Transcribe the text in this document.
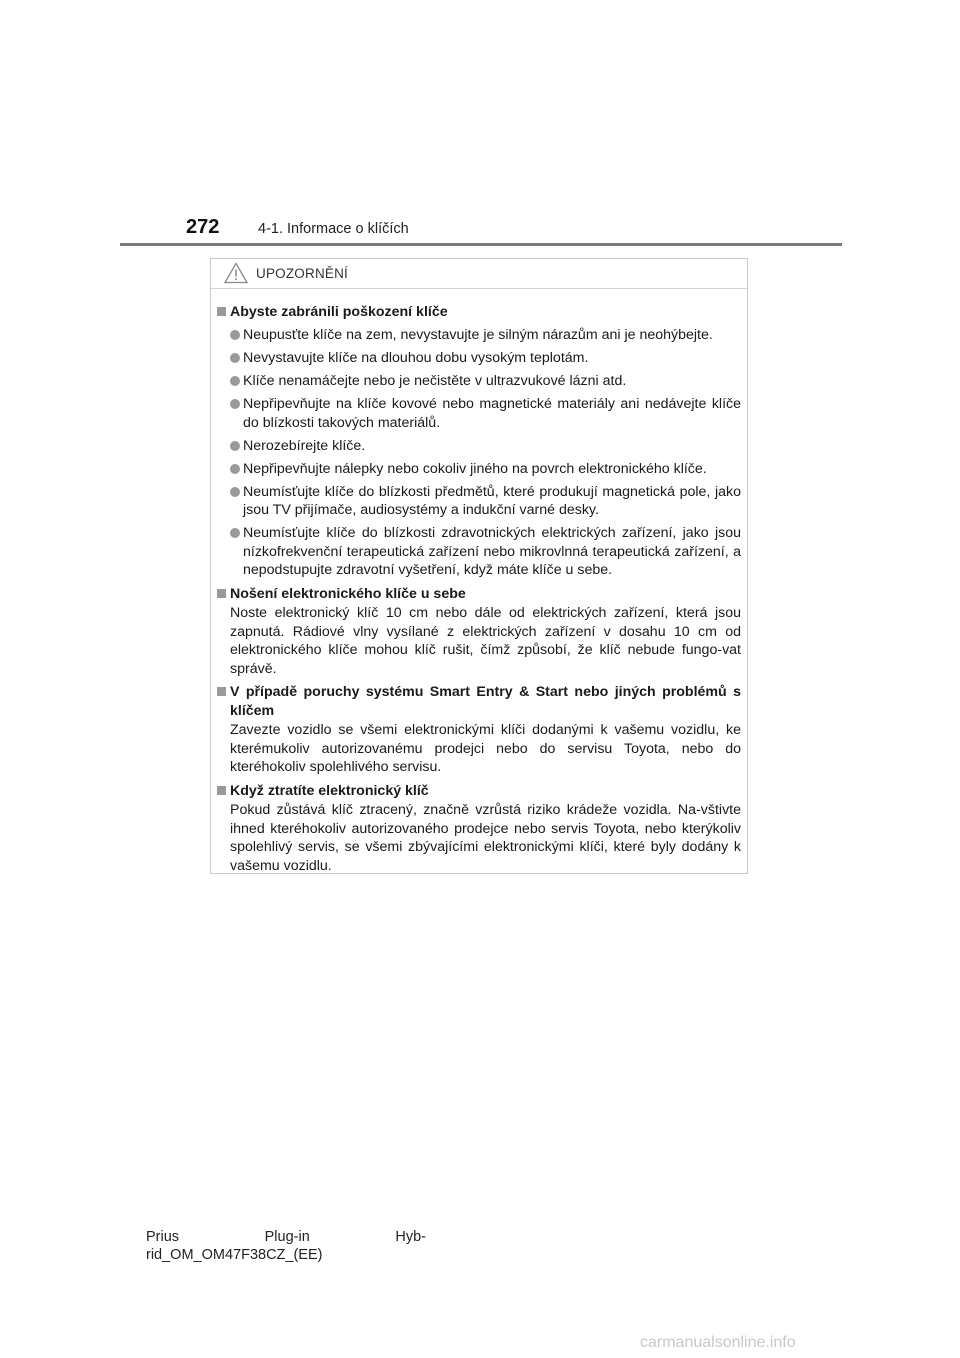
272	4-1. Informace o klíčích
UPOZORNĚNÍ
Abyste zabránili poškození klíče
Neupusťte klíče na zem, nevystavujte je silným nárazům ani je neohýbejte.
Nevystavujte klíče na dlouhou dobu vysokým teplotám.
Klíče nenamáčejte nebo je nečistěte v ultrazvukové lázni atd.
Nepřipevňujte na klíče kovové nebo magnetické materiály ani nedávejte klíče do blízkosti takových materiálů.
Nerozebírejte klíče.
Nepřipevňujte nálepky nebo cokoliv jiného na povrch elektronického klíče.
Neumísťujte klíče do blízkosti předmětů, které produkují magnetická pole, jako jsou TV přijímače, audiosystémy a indukční varné desky.
Neumísťujte klíče do blízkosti zdravotnických elektrických zařízení, jako jsou nízkofrekvenční terapeutická zařízení nebo mikrovlnná terapeutická zařízení, a nepodstupujte zdravotní vyšetření, když máte klíče u sebe.
Nošení elektronického klíče u sebe
Noste elektronický klíč 10 cm nebo dále od elektrických zařízení, která jsou zapnutá. Rádiové vlny vysílané z elektrických zařízení v dosahu 10 cm od elektronického klíče mohou klíč rušit, čímž způsobí, že klíč nebude fungo-vat správě.
V případě poruchy systému Smart Entry & Start nebo jiných problémů s klíčem
Zavezte vozidlo se všemi elektronickými klíči dodanými k vašemu vozidlu, ke kterémukoliv autorizovanému prodejci nebo do servisu Toyota, nebo do kteréhokoliv spolehlivého servisu.
Když ztratíte elektronický klíč
Pokud zůstává klíč ztracený, značně vzrůstá riziko krádeže vozidla. Na-vštivte ihned kteréhokoliv autorizovaného prodejce nebo servis Toyota, nebo kterýkoliv spolehlivý servis, se všemi zbývajícími elektronickými klíči, které byly dodány k vašemu vozidlu.
Prius	Plug-in	Hyb-
rid_OM_OM47F38CZ_(EE)
carmanualsonline.info
